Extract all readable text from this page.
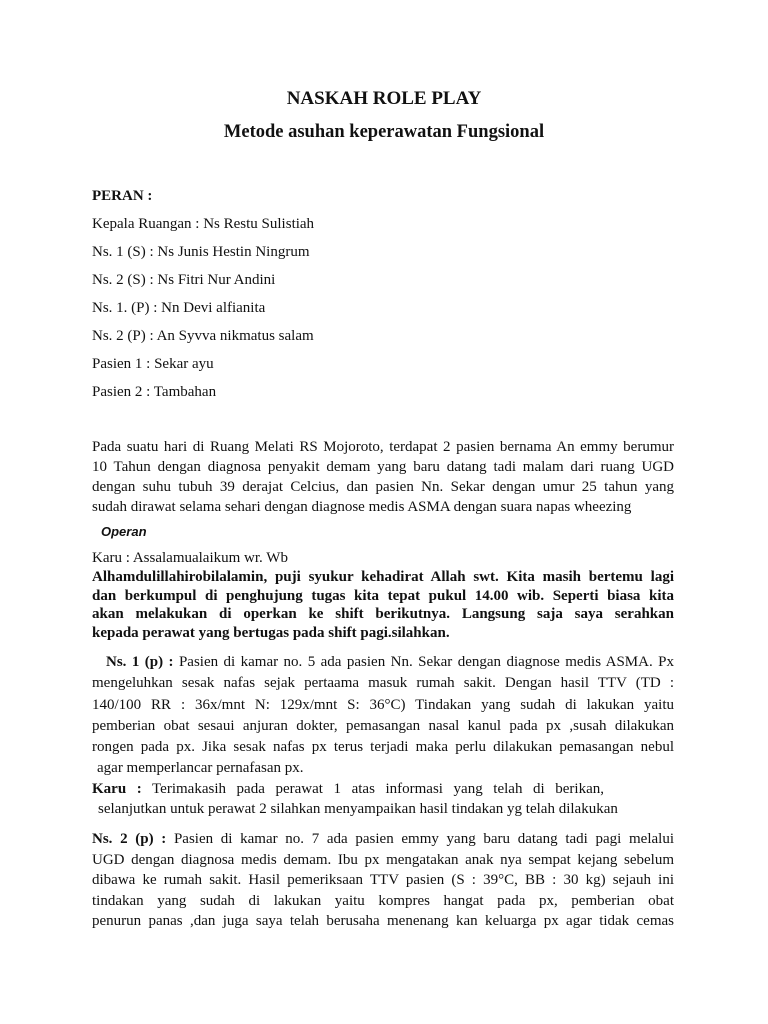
NASKAH ROLE PLAY
Metode asuhan keperawatan Fungsional
PERAN :
Kepala Ruangan : Ns Restu Sulistiah
Ns. 1 (S) : Ns Junis Hestin Ningrum
Ns. 2 (S) : Ns Fitri Nur Andini
Ns. 1. (P) : Nn Devi alfianita
Ns. 2 (P) : An Syvva nikmatus salam
Pasien 1 : Sekar ayu
Pasien 2 : Tambahan

Pada suatu hari di Ruang Melati RS Mojoroto, terdapat 2 pasien bernama An emmy berumur

10 Tahun dengan diagnosa penyakit demam yang baru datang tadi malam dari ruang UGD

dengan suhu tubuh 39 derajat Celcius, dan pasien Nn. Sekar dengan umur 25 tahun yang

sudah dirawat selama sehari dengan diagnose medis ASMA dengan suara napas wheezing

Operan
Karu : Assalamualaikum wr. Wb

Alhamdulillahirobilalamin, puji syukur kehadirat Allah swt. Kita masih bertemu lagi

dan berkumpul di penghujung tugas kita tepat pukul 14.00 wib. Seperti biasa kita

akan melakukan di operkan ke shift berikutnya. Langsung saja saya serahkan

kepada perawat yang bertugas pada shift pagi.silahkan.

Ns. 1 (p) : Pasien di kamar no. 5 ada pasien Nn. Sekar dengan diagnose medis ASMA. Px

mengeluhkan sesak nafas sejak pertaama masuk rumah sakit. Dengan hasil TTV (TD :

140/100 RR : 36x/mnt N: 129x/mnt S: 36°C) Tindakan yang sudah di lakukan yaitu

pemberian obat sesaui anjuran dokter, pemasangan nasal kanul pada px ,susah dilakukan

rongen pada px. Jika sesak nafas px terus terjadi maka perlu dilakukan pemasangan nebul

agar memperlancar pernafasan px.

Karu : Terimakasih pada perawat 1 atas informasi yang telah di berikan,

selanjutkan untuk perawat 2 silahkan menyampaikan hasil tindakan yg telah dilakukan

Ns. 2 (p) : Pasien di kamar no. 7 ada pasien emmy yang baru datang tadi pagi melalui

UGD dengan diagnosa medis demam. Ibu px mengatakan anak nya sempat kejang sebelum

dibawa ke rumah sakit. Hasil pemeriksaan TTV pasien (S : 39°C, BB : 30 kg) sejauh ini

tindakan yang sudah di lakukan yaitu kompres hangat pada px, pemberian obat

penurun panas ,dan juga saya telah berusaha menenang kan keluarga px agar tidak cemas
